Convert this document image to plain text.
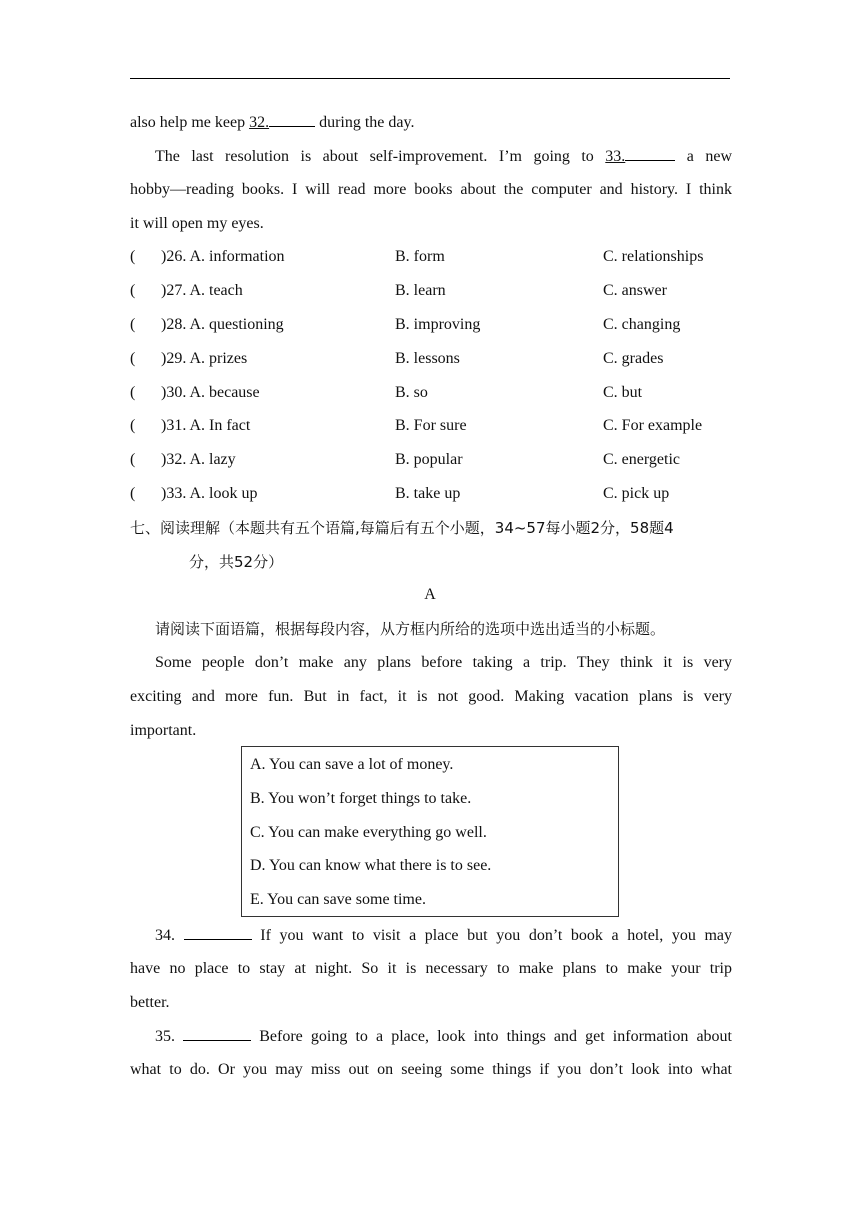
also help me keep 32.	during the day.
The last resolution is about self-improvement. I’m going to 33.	a new
hobby—reading books. I will read more books about the computer and history. I think
it will open my eyes.
( )26. A. information	B. form	C. relationships
( )27. A. teach	B. learn	C. answer
( )28. A. questioning	B. improving	C. changing
( )29. A. prizes	B. lessons	C. grades
( )30. A. because	B. so	C. but
( )31. A. In fact	B. For sure	C. For example
( )32. A. lazy	B. popular	C. energetic
( )33. A. look up	B. take up	C. pick up
七、阅读理解（本题共有五个语篇,每篇后有五个小题，34~57每小题2分，58题4
分，共52分）
A
请阅读下面语篇，根据每段内容，从方框内所给的选项中选出适当的小标题。
Some people don’t make any plans before taking a trip. They think it is very
exciting and more fun. But in fact, it is not good. Making vacation plans is very
important.
A. You can save a lot of money.
B. You won’t forget things to take.
C. You can make everything go well.
D. You can know what there is to see.
E. You can save some time.
34.	If you want to visit a place but you don’t book a hotel, you may
have no place to stay at night. So it is necessary to make plans to make your trip
better.
35.	Before going to a place, look into things and get information about
what to do. Or you may miss out on seeing some things if you don’t look into what
